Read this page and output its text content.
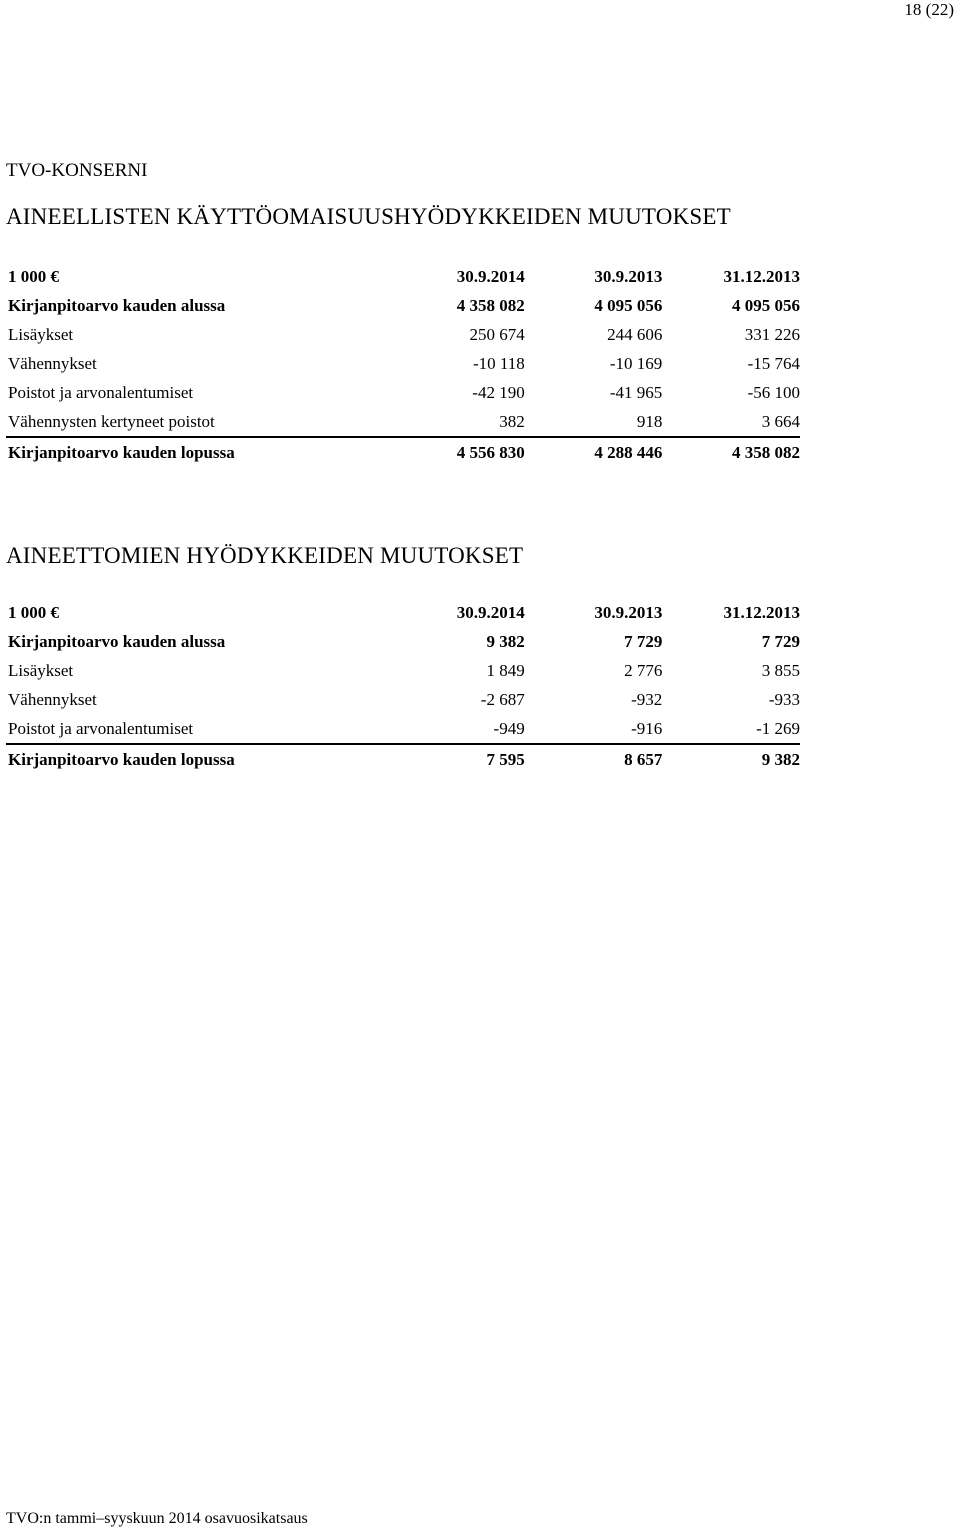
18 (22)
TVO-KONSERNI
AINEELLISTEN KÄYTTÖOMAISUUSHYÖDYKKEIDEN MUUTOKSET
1 000 €	30.9.2014	30.9.2013	31.12.2013
Kirjanpitoarvo kauden alussa	4 358 082	4 095 056	4 095 056
Lisäykset	250 674	244 606	331 226
Vähennykset	-10 118	-10 169	-15 764
Poistot ja arvonalentumiset	-42 190	-41 965	-56 100
Vähennysten kertyneet poistot	382	918	3 664
Kirjanpitoarvo kauden lopussa	4 556 830	4 288 446	4 358 082
AINEETTOMIEN HYÖDYKKEIDEN MUUTOKSET
1 000 €	30.9.2014	30.9.2013	31.12.2013
Kirjanpitoarvo kauden alussa	9 382	7 729	7 729
Lisäykset	1 849	2 776	3 855
Vähennykset	-2 687	-932	-933
Poistot ja arvonalentumiset	-949	-916	-1 269
Kirjanpitoarvo kauden lopussa	7 595	8 657	9 382
TVO:n tammi–syyskuun 2014 osavuosikatsaus
